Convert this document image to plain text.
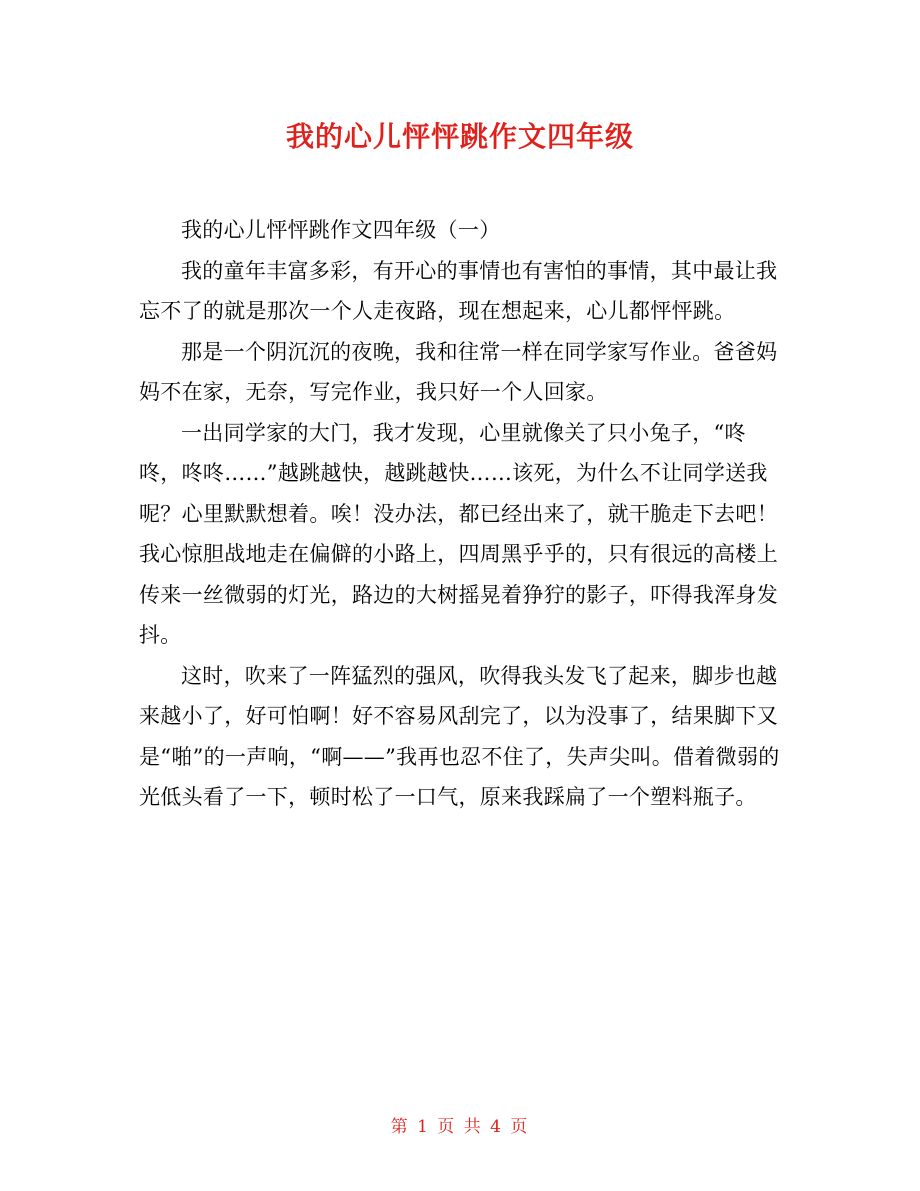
我的心儿怦怦跳作文四年级

我的心儿怦怦跳作文四年级（一）

我的童年丰富多彩，有开心的事情也有害怕的事情，其中最让我忘不了的就是那次一个人走夜路，现在想起来，心儿都怦怦跳。

那是一个阴沉沉的夜晚，我和往常一样在同学家写作业。爸爸妈妈不在家，无奈，写完作业，我只好一个人回家。

一出同学家的大门，我才发现，心里就像关了只小兔子，“咚咚，咚咚……”越跳越快，越跳越快……该死，为什么不让同学送我呢？心里默默想着。唉！没办法，都已经出来了，就干脆走下去吧！我心惊胆战地走在偏僻的小路上，四周黑乎乎的，只有很远的高楼上传来一丝微弱的灯光，路边的大树摇晃着狰狞的影子，吓得我浑身发抖。

这时，吹来了一阵猛烈的强风，吹得我头发飞了起来，脚步也越来越小了，好可怕啊！好不容易风刮完了，以为没事了，结果脚下又是“啪”的一声响，“啊——”我再也忍不住了，失声尖叫。借着微弱的光低头看了一下，顿时松了一口气，原来我踩扁了一个塑料瓶子。

第 1 页 共 4 页
